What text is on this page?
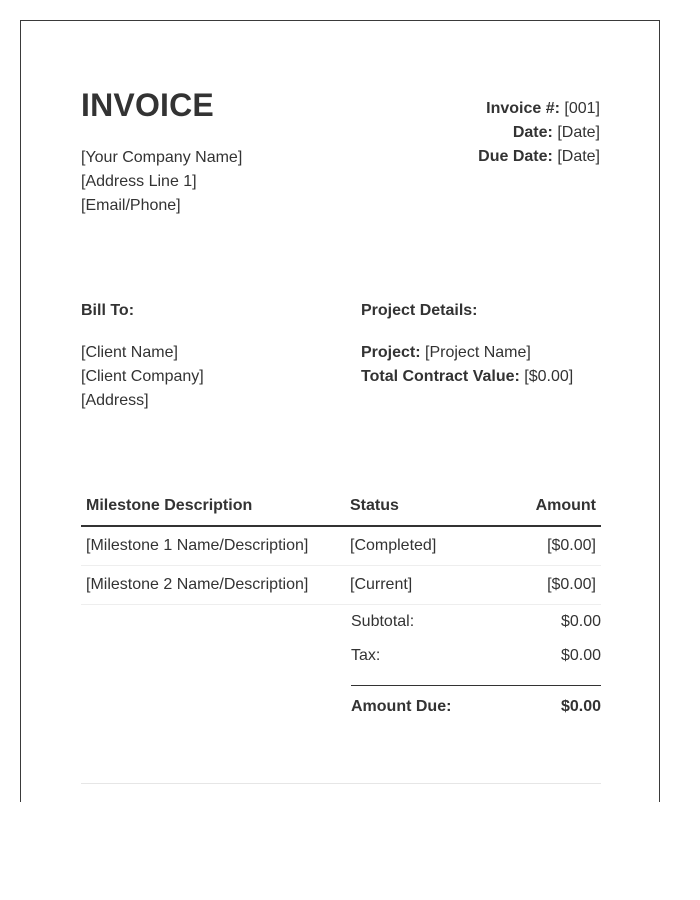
INVOICE
[Your Company Name]
[Address Line 1]
[Email/Phone]
Invoice #: [001]
Date: [Date]
Due Date: [Date]
Bill To:
[Client Name]
[Client Company]
[Address]
Project Details:
Project: [Project Name]
Total Contract Value: [$0.00]
Milestone Description	Status	Amount
[Milestone 1 Name/Description]	[Completed]	[$0.00]
[Milestone 2 Name/Description]	[Current]	[$0.00]
Subtotal:	$0.00
Tax:	$0.00
Amount Due:	$0.00
